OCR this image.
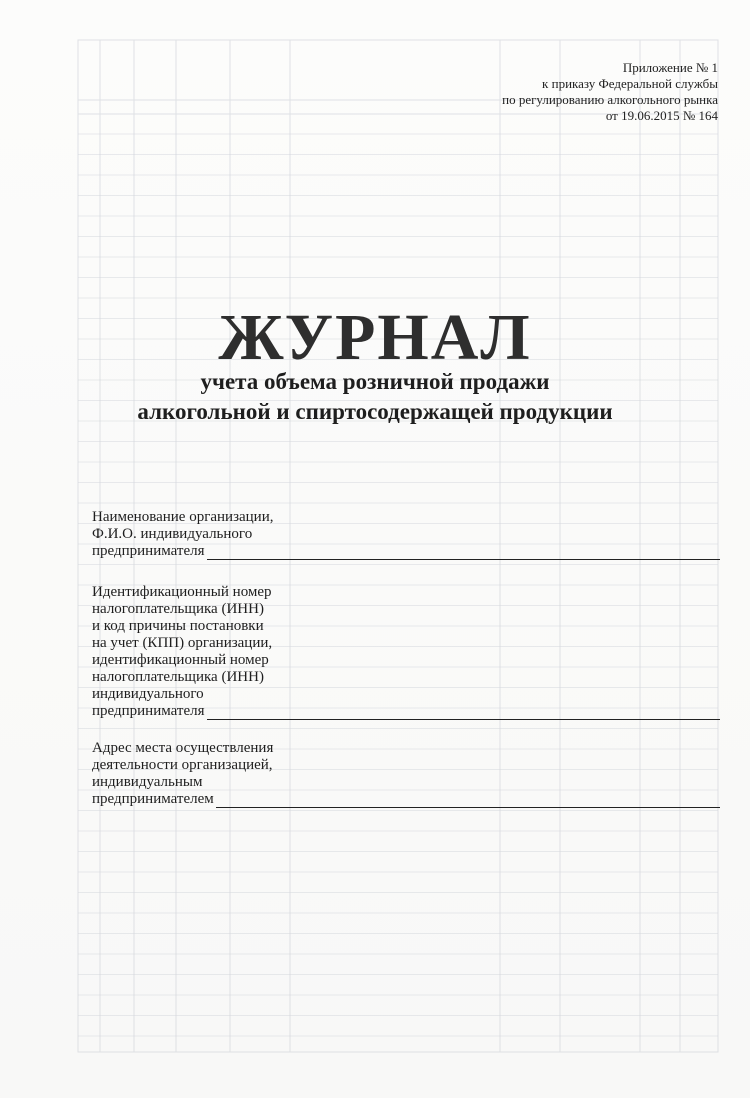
Приложение № 1
к приказу Федеральной службы
по регулированию алкогольного рынка
от 19.06.2015 № 164
ЖУРНАЛ
учета объема розничной продажи
алкогольной и спиртосодержащей продукции
Наименование организации,
Ф.И.О. индивидуального
предпринимателя
Идентификационный номер
налогоплательщика (ИНН)
и код причины постановки
на учет (КПП) организации,
идентификационный номер
налогоплательщика (ИНН)
индивидуального
предпринимателя
Адрес места осуществления
деятельности организацией,
индивидуальным
предпринимателем
